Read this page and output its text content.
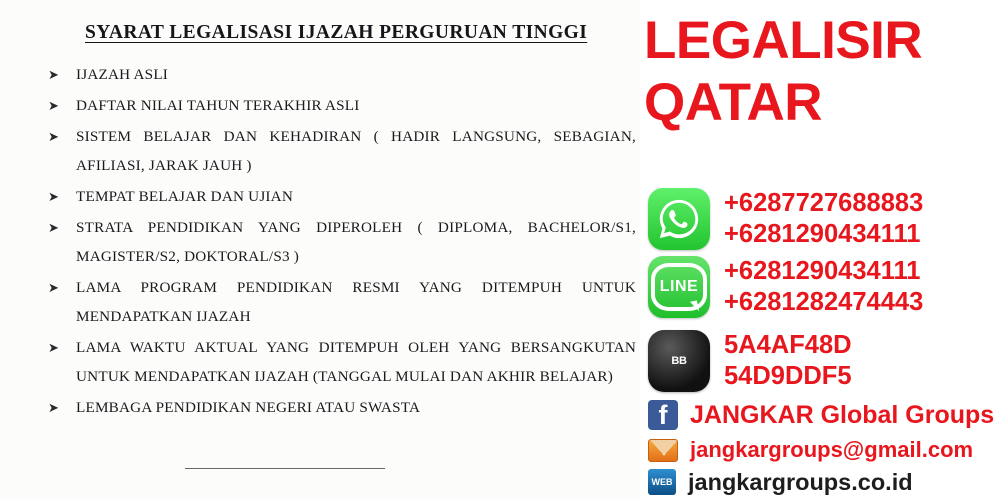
SYARAT LEGALISASI IJAZAH PERGURUAN TINGGI
➤ IJAZAH ASLI
➤ DAFTAR NILAI TAHUN TERAKHIR ASLI
➤ SISTEM BELAJAR DAN KEHADIRAN ( HADIR LANGSUNG, SEBAGIAN, AFILIASI, JARAK JAUH )
➤ TEMPAT BELAJAR DAN UJIAN
➤ STRATA PENDIDIKAN YANG DIPEROLEH ( DIPLOMA, BACHELOR/S1, MAGISTER/S2, DOKTORAL/S3 )
➤ LAMA PROGRAM PENDIDIKAN RESMI YANG DITEMPUH UNTUK MENDAPATKAN IJAZAH
➤ LAMA WAKTU AKTUAL YANG DITEMPUH OLEH YANG BERSANGKUTAN UNTUK MENDAPATKAN IJAZAH (TANGGAL MULAI DAN AKHIR BELAJAR)
➤ LEMBAGA PENDIDIKAN NEGERI ATAU SWASTA
LEGALISIR
QATAR
+6287727688883
+6281290434111
LINE
+6281290434111
+6281282474443
BB
5A4AF48D
54D9DDF5
f JANGKAR Global Groups
jangkargroups@gmail.com
WEB jangkargroups.co.id
